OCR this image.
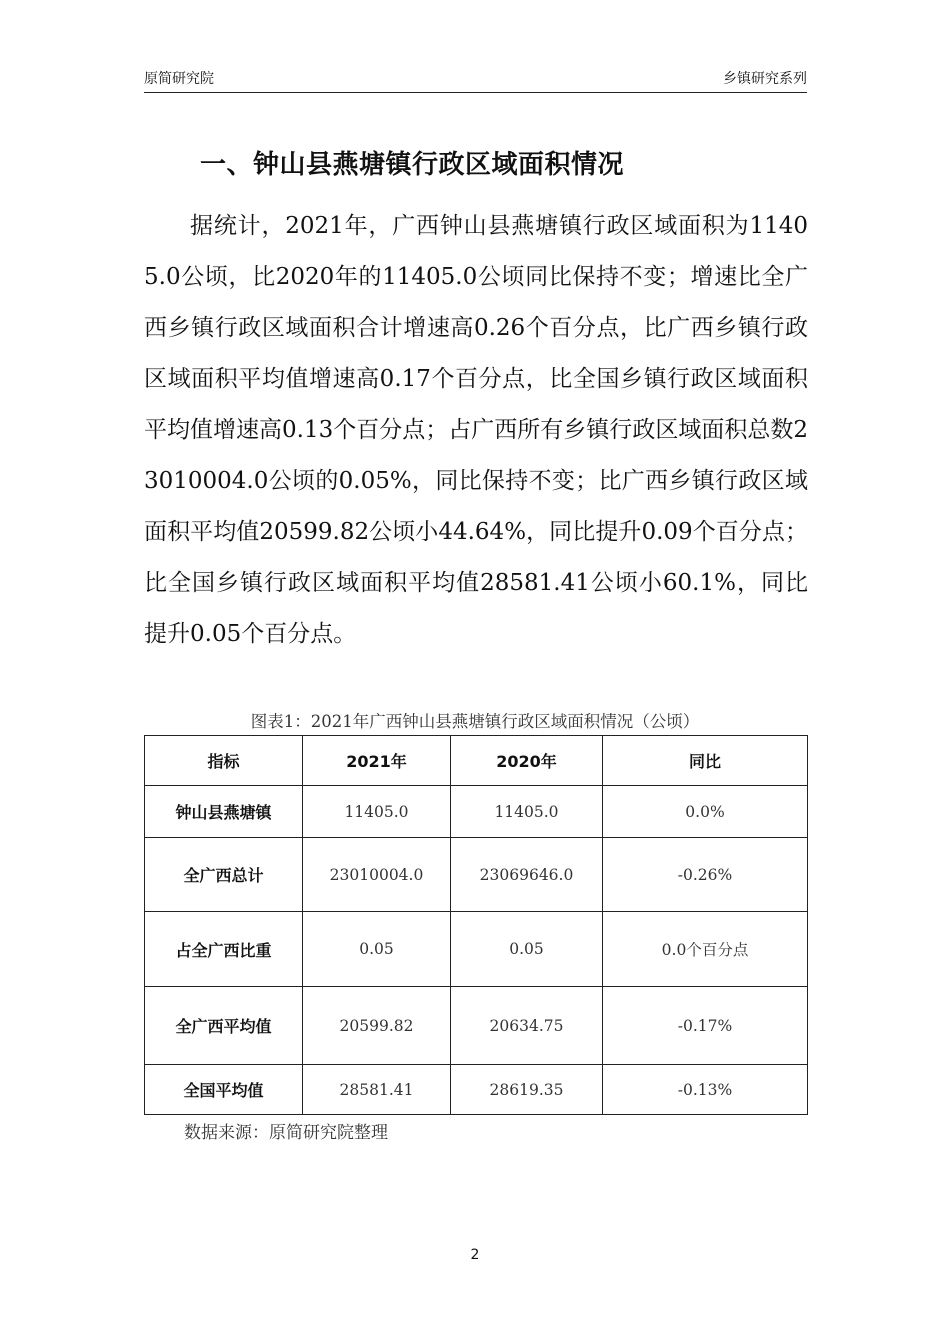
原简研究院	乡镇研究系列
一、钟山县燕塘镇行政区域面积情况

据统计，2021年，广西钟山县燕塘镇行政区域面积为11405.0公顷，比2020年的11405.0公顷同比保持不变；增速比全广西乡镇行政区域面积合计增速高0.26个百分点，比广西乡镇行政区域面积平均值增速高0.17个百分点，比全国乡镇行政区域面积平均值增速高0.13个百分点；占广西所有乡镇行政区域面积总数23010004.0公顷的0.05%，同比保持不变；比广西乡镇行政区域面积平均值20599.82公顷小44.64%，同比提升0.09个百分点；比全国乡镇行政区域面积平均值28581.41公顷小60.1%，同比提升0.05个百分点。

图表1：2021年广西钟山县燕塘镇行政区域面积情况（公顷）
指标	2021年	2020年	同比
钟山县燕塘镇	11405.0	11405.0	0.0%
全广西总计	23010004.0	23069646.0	-0.26%
占全广西比重	0.05	0.05	0.0个百分点
全广西平均值	20599.82	20634.75	-0.17%
全国平均值	28581.41	28619.35	-0.13%
数据来源：原简研究院整理
2
